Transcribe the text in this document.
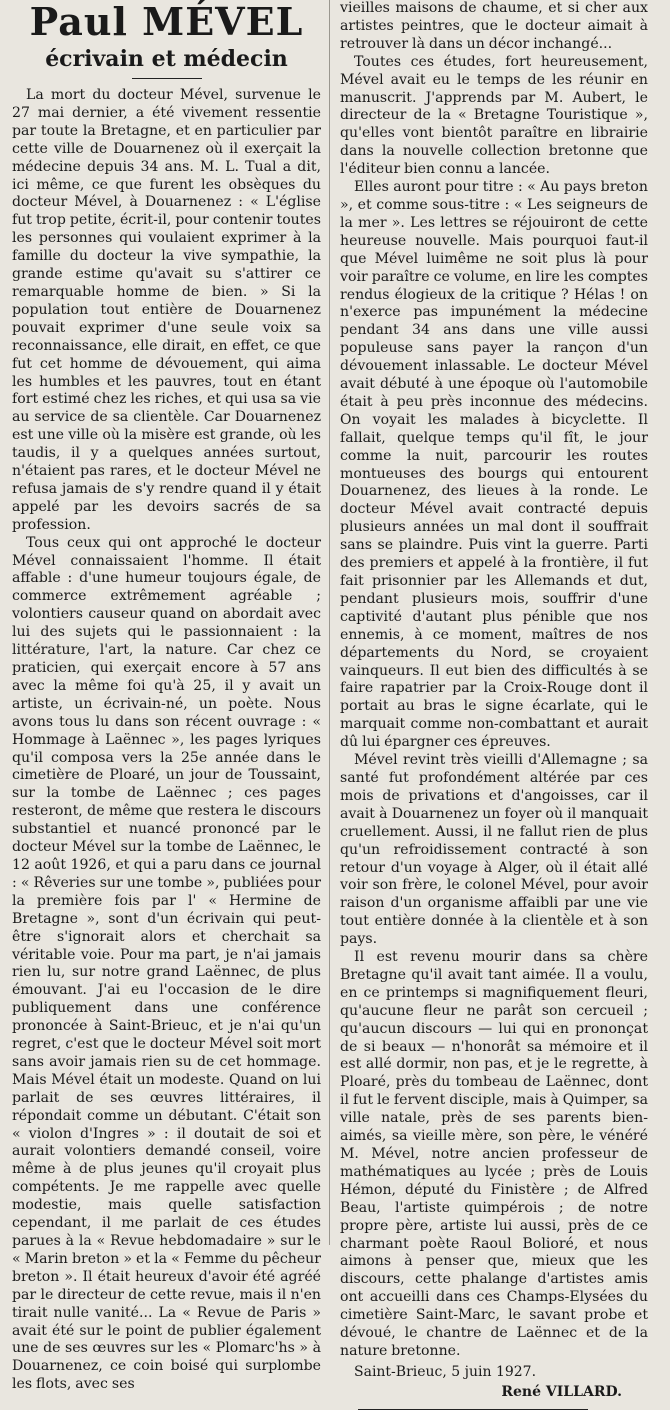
Paul MÉVEL
écrivain et médecin

La mort du docteur Mével, survenue le 27 mai dernier, a été vivement ressentie par toute la Bretagne, et en particulier par cette ville de Douarnenez où il exerçait la médecine depuis 34 ans. M. L. Tual a dit, ici même, ce que furent les obsèques du docteur Mével, à Douarnenez : « L'église fut trop petite, écrit-il, pour contenir toutes les personnes qui voulaient exprimer à la famille du docteur la vive sympathie, la grande estime qu'avait su s'attirer ce remarquable homme de bien. » Si la population tout entière de Douarnenez pouvait exprimer d'une seule voix sa reconnaissance, elle dirait, en effet, ce que fut cet homme de dévouement, qui aima les humbles et les pauvres, tout en étant fort estimé chez les riches, et qui usa sa vie au service de sa clientèle. Car Douarnenez est une ville où la misère est grande, où les taudis, il y a quelques années surtout, n'étaient pas rares, et le docteur Mével ne refusa jamais de s'y rendre quand il y était appelé par les devoirs sacrés de sa profession.

Tous ceux qui ont approché le docteur Mével connaissaient l'homme. Il était affable : d'une humeur toujours égale, de commerce extrêmement agréable ; volontiers causeur quand on abordait avec lui des sujets qui le passionnaient : la littérature, l'art, la nature. Car chez ce praticien, qui exerçait encore à 57 ans avec la même foi qu'à 25, il y avait un artiste, un écrivain-né, un poète. Nous avons tous lu dans son récent ouvrage : « Hommage à Laënnec », les pages lyriques qu'il composa vers la 25e année dans le cimetière de Ploaré, un jour de Toussaint, sur la tombe de Laënnec ; ces pages resteront, de même que restera le discours substantiel et nuancé prononcé par le docteur Mével sur la tombe de Laënnec, le 12 août 1926, et qui a paru dans ce journal : « Rêveries sur une tombe », publiées pour la première fois par l' « Hermine de Bretagne », sont d'un écrivain qui peut-être s'ignorait alors et cherchait sa véritable voie. Pour ma part, je n'ai jamais rien lu, sur notre grand Laënnec, de plus émouvant. J'ai eu l'occasion de le dire publiquement dans une conférence prononcée à Saint-Brieuc, et je n'ai qu'un regret, c'est que le docteur Mével soit mort sans avoir jamais rien su de cet hommage. Mais Mével était un modeste. Quand on lui parlait de ses œuvres littéraires, il répondait comme un débutant. C'était son « violon d'Ingres » : il doutait de soi et aurait volontiers demandé conseil, voire même à de plus jeunes qu'il croyait plus compétents. Je me rappelle avec quelle modestie, mais quelle satisfaction cependant, il me parlait de ces études parues à la « Revue hebdomadaire » sur le « Marin breton » et la « Femme du pêcheur breton ». Il était heureux d'avoir été agréé par le directeur de cette revue, mais il n'en tirait nulle vanité... La « Revue de Paris » avait été sur le point de publier également une de ses œuvres sur les « Plomarc'hs » à Douarnenez, ce coin boisé qui surplombe les flots, avec ses

vieilles maisons de chaume, et si cher aux artistes peintres, que le docteur aimait à retrouver là dans un décor inchangé...

Toutes ces études, fort heureusement, Mével avait eu le temps de les réunir en manuscrit. J'apprends par M. Aubert, le directeur de la « Bretagne Touristique », qu'elles vont bientôt paraître en librairie dans la nouvelle collection bretonne que l'éditeur bien connu a lancée.

Elles auront pour titre : « Au pays breton », et comme sous-titre : « Les seigneurs de la mer ». Les lettres se réjouiront de cette heureuse nouvelle. Mais pourquoi faut-il que Mével luimême ne soit plus là pour voir paraître ce volume, en lire les comptes rendus élogieux de la critique ? Hélas ! on n'exerce pas impunément la médecine pendant 34 ans dans une ville aussi populeuse sans payer la rançon d'un dévouement inlassable. Le docteur Mével avait débuté à une époque où l'automobile était à peu près inconnue des médecins. On voyait les malades à bicyclette. Il fallait, quelque temps qu'il fît, le jour comme la nuit, parcourir les routes montueuses des bourgs qui entourent Douarnenez, des lieues à la ronde. Le docteur Mével avait contracté depuis plusieurs années un mal dont il souffrait sans se plaindre. Puis vint la guerre. Parti des premiers et appelé à la frontière, il fut fait prisonnier par les Allemands et dut, pendant plusieurs mois, souffrir d'une captivité d'autant plus pénible que nos ennemis, à ce moment, maîtres de nos départements du Nord, se croyaient vainqueurs. Il eut bien des difficultés à se faire rapatrier par la Croix-Rouge dont il portait au bras le signe écarlate, qui le marquait comme non-combattant et aurait dû lui épargner ces épreuves.

Mével revint très vieilli d'Allemagne ; sa santé fut profondément altérée par ces mois de privations et d'angoisses, car il avait à Douarnenez un foyer où il manquait cruellement. Aussi, il ne fallut rien de plus qu'un refroidissement contracté à son retour d'un voyage à Alger, où il était allé voir son frère, le colonel Mével, pour avoir raison d'un organisme affaibli par une vie tout entière donnée à la clientèle et à son pays.

Il est revenu mourir dans sa chère Bretagne qu'il avait tant aimée. Il a voulu, en ce printemps si magnifiquement fleuri, qu'aucune fleur ne parât son cercueil ; qu'aucun discours — lui qui en prononçat de si beaux — n'honorât sa mémoire et il est allé dormir, non pas, et je le regrette, à Ploaré, près du tombeau de Laënnec, dont il fut le fervent disciple, mais à Quimper, sa ville natale, près de ses parents bien-aimés, sa vieille mère, son père, le vénéré M. Mével, notre ancien professeur de mathématiques au lycée ; près de Louis Hémon, député du Finistère ; de Alfred Beau, l'artiste quimpérois ; de notre propre père, artiste lui aussi, près de ce charmant poète Raoul Bolioré, et nous aimons à penser que, mieux que les discours, cette phalange d'artistes amis ont accueilli dans ces Champs-Elysées du cimetière Saint-Marc, le savant probe et dévoué, le chantre de Laënnec et de la nature bretonne.

Saint-Brieuc, 5 juin 1927.
René VILLARD.
